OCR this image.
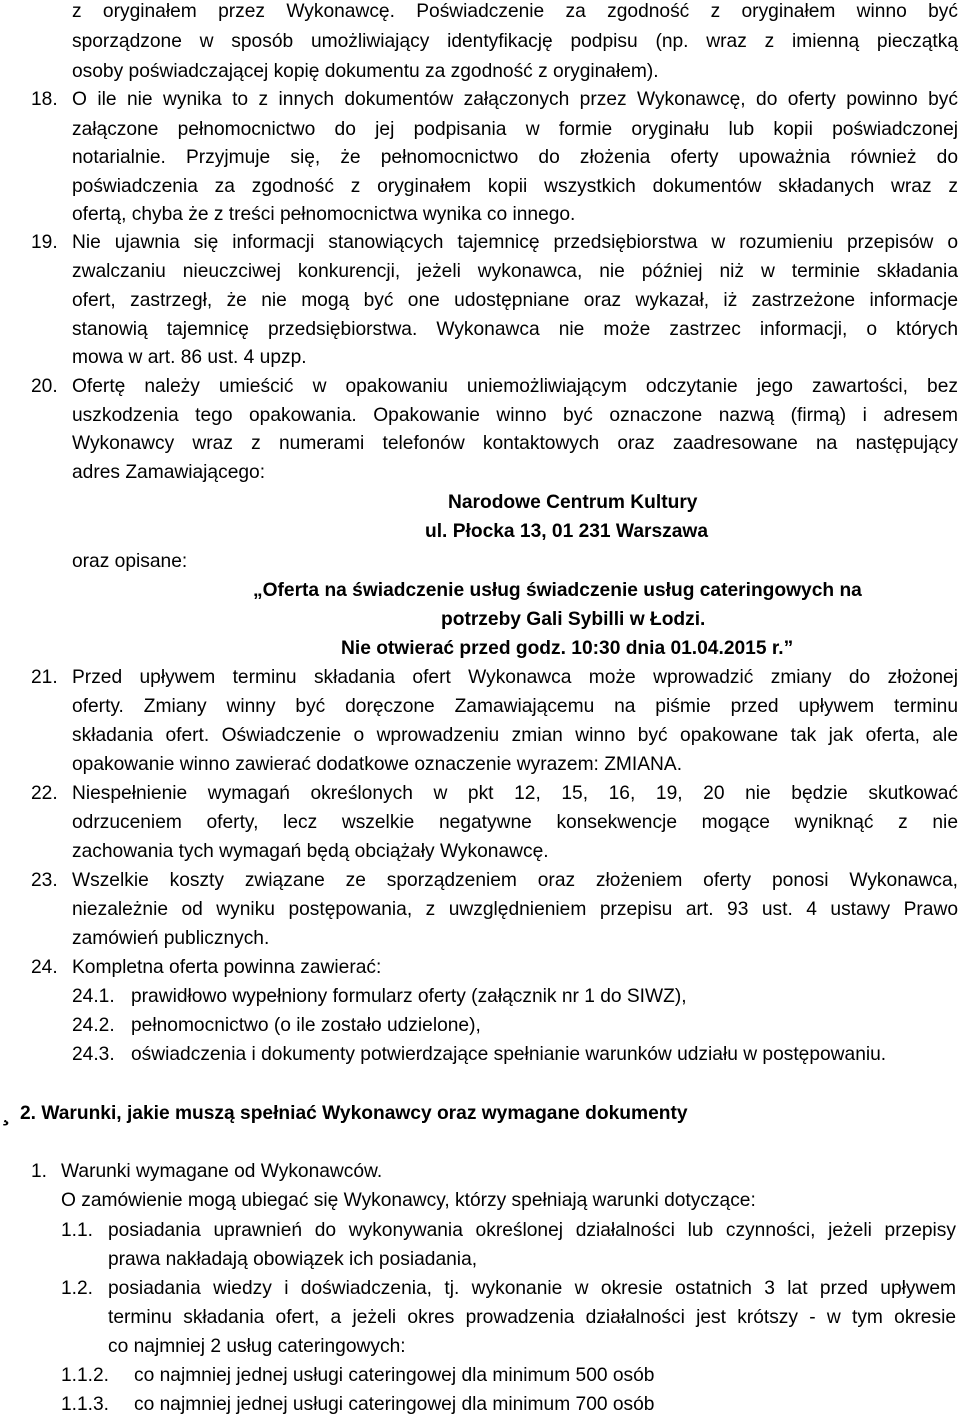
z oryginałem przez Wykonawcę. Poświadczenie za zgodność z oryginałem winno być
sporządzone w sposób umożliwiający identyfikację podpisu (np. wraz z imienną pieczątką
osoby poświadczającej kopię dokumentu za zgodność z oryginałem).
18. O ile nie wynika to z innych dokumentów załączonych przez Wykonawcę, do oferty powinno być
załączone pełnomocnictwo do jej podpisania w formie oryginału lub kopii poświadczonej
notarialnie. Przyjmuje się, że pełnomocnictwo do złożenia oferty upoważnia również do
poświadczenia za zgodność z oryginałem kopii wszystkich dokumentów składanych wraz z
ofertą, chyba że z treści pełnomocnictwa wynika co innego.
19. Nie ujawnia się informacji stanowiących tajemnicę przedsiębiorstwa w rozumieniu przepisów o
zwalczaniu nieuczciwej konkurencji, jeżeli wykonawca, nie później niż w terminie składania
ofert, zastrzegł, że nie mogą być one udostępniane oraz wykazał, iż zastrzeżone informacje
stanowią tajemnicę przedsiębiorstwa. Wykonawca nie może zastrzec informacji, o których
mowa w art. 86 ust. 4 upzp.
20. Ofertę należy umieścić w opakowaniu uniemożliwiającym odczytanie jego zawartości, bez
uszkodzenia tego opakowania. Opakowanie winno być oznaczone nazwą (firmą) i adresem
Wykonawcy wraz z numerami telefonów kontaktowych oraz zaadresowane na następujący
adres Zamawiającego:
Narodowe Centrum Kultury
ul. Płocka 13, 01 231 Warszawa
oraz opisane:
„Oferta na świadczenie usług świadczenie usług cateringowych na
potrzeby Gali Sybilli w Łodzi.
Nie otwierać przed godz. 10:30 dnia 01.04.2015 r.”
21. Przed upływem terminu składania ofert Wykonawca może wprowadzić zmiany do złożonej
oferty. Zmiany winny być doręczone Zamawiającemu na piśmie przed upływem terminu
składania ofert. Oświadczenie o wprowadzeniu zmian winno być opakowane tak jak oferta, ale
opakowanie winno zawierać dodatkowe oznaczenie wyrazem: ZMIANA.
22. Niespełnienie wymagań określonych w pkt 12, 15, 16, 19, 20 nie będzie skutkować
odrzuceniem oferty, lecz wszelkie negatywne konsekwencje mogące wyniknąć z nie
zachowania tych wymagań będą obciążały Wykonawcę.
23. Wszelkie koszty związane ze sporządzeniem oraz złożeniem oferty ponosi Wykonawca,
niezależnie od wyniku postępowania, z uwzględnieniem przepisu art. 93 ust. 4 ustawy Prawo
zamówień publicznych.
24. Kompletna oferta powinna zawierać:
24.1. prawidłowo wypełniony formularz oferty (załącznik nr 1 do SIWZ),
24.2. pełnomocnictwo (o ile zostało udzielone),
24.3. oświadczenia i dokumenty potwierdzające spełnianie warunków udziału w postępowaniu.
¸ 2. Warunki, jakie muszą spełniać Wykonawcy oraz wymagane dokumenty
1. Warunki wymagane od Wykonawców.
O zamówienie mogą ubiegać się Wykonawcy, którzy spełniają warunki dotyczące:
1.1. posiadania uprawnień do wykonywania określonej działalności lub czynności, jeżeli przepisy
prawa nakładają obowiązek ich posiadania,
1.2. posiadania wiedzy i doświadczenia, tj. wykonanie w okresie ostatnich 3 lat przed upływem
terminu składania ofert, a jeżeli okres prowadzenia działalności jest krótszy - w tym okresie
co najmniej 2 usług cateringowych:
1.1.2. co najmniej jednej usługi cateringowej dla minimum 500 osób
1.1.3. co najmniej jednej usługi cateringowej dla minimum 700 osób
